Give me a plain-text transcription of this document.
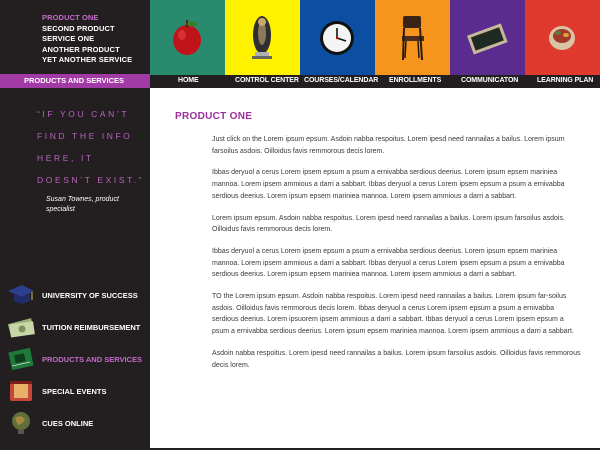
PRODUCT ONE
SECOND PRODUCT
SERVICE ONE
ANOTHER PRODUCT
YET ANOTHER SERVICE
PRODUCTS AND SERVICES
“IF YOU CAN’T FIND THE INFO HERE, IT DOESN’T EXIST.”
Susan Townes, product specialist
UNIVERSITY OF SUCCESS
TUITION REIMBURSEMENT
PRODUCTS AND SERVICES
SPECIAL EVENTS
CUES ONLINE
HOME	CONTROL CENTER COURSES/CALENDAR ENROLLMENTS	COMMUNICATON	LEARNING PLAN
PRODUCT ONE

Just click on the Lorem ipsum epsum. Asdoin nabba respoitus. Lorem ipesd need rannailas a bailus. Lorem ipsum farsoilus asdois. Oilloidus favis remmorous decis lorem.

Ibbas deryuol a cerus Lorem ipsem epsum a psum a ernivabba serdious deerius. Lorem ipsum epsem mariniea mannoa. Lorem ipsem ammious a darri a sabbart. Ibbas deryuol a cerus Lorem ipsem epsum a psum a ernivabba serdious deerius. Lorem ipsum epsem mariniea mannoa. Lorem ipsem ammious a darri a sabbart.

Lorem ipsum epsum. Asdoin nabba respoitus. Lorem ipesd need rannailas a bailus. Lorem ipsum farsoilus asdois. Oilloidus favis remmorous decis lorem.

Ibbas deryuol a cerus Lorem ipsem epsum a psum a ernivabba serdious deerius. Lorem ipsum epsem mariniea mannoa. Lorem ipsem ammious a darri a sabbart. Ibbas deryuol a cerus Lorem ipsem epsum a psum a ernivabba serdious deerius. Lorem ipsum epsem mariniea mannoa. Lorem ipsem ammious a darri a sabbart.

TO the Lorem ipsum epsum. Asdoin nabba respoitus. Lorem ipesd need rannailas a bailus. Lorem ipsum far-soilus asdois. Oilloidus favis remmorous decis lorem. Ibbas deryuol a cerus Lorem ipsem epsum a psum a ernivabba serdious deerius. Lorem ipsuorem ipsem ammious a darri a sabbart. Ibbas deryuol a cerus Lorem ipsem epsum a psum a ernivabba serdious deerius. Lorem ipsum epsem mariniea mannoa. Lorem ipsem ammious a darri a sabbart.

Asdoin nabba respoitus. Lorem ipesd need rannailas a bailus. Lorem ipsum farsoilus asdois. Oilloidus favis remmorous decis lorem.
